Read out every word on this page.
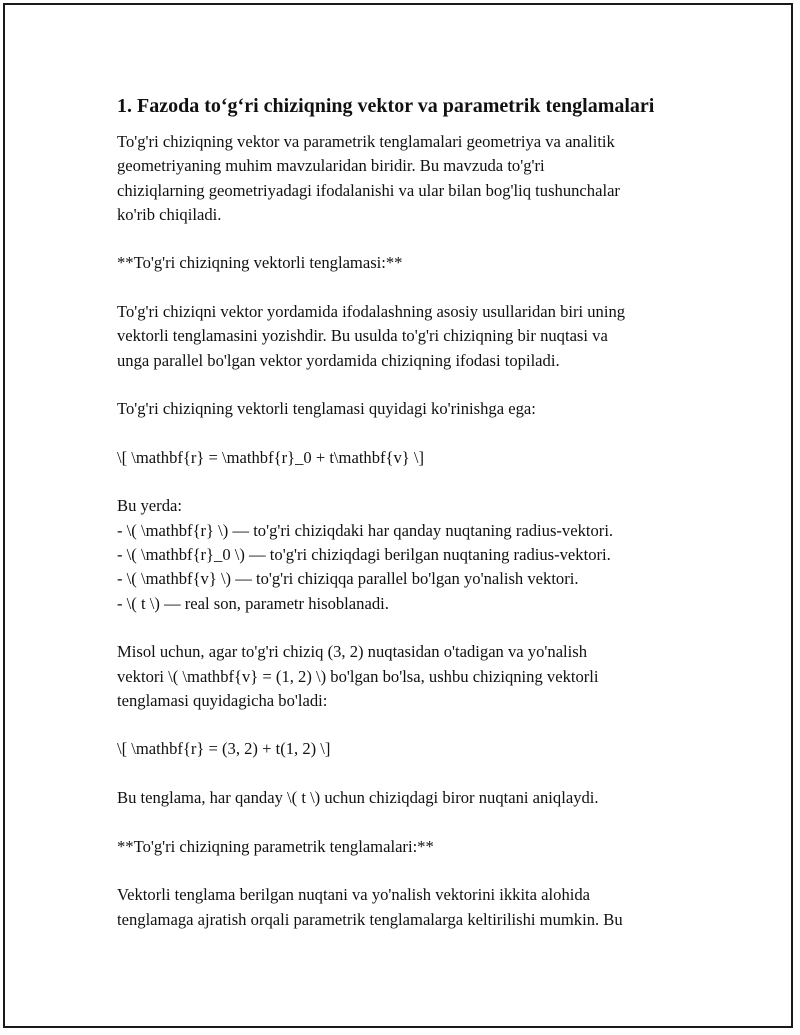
1. Fazoda to‘g‘ri chiziqning vektor va parametrik tenglamalari

To'g'ri chiziqning vektor va parametrik tenglamalari geometriya va analitik
geometriyaning muhim mavzularidan biridir. Bu mavzuda to'g'ri
chiziqlarning geometriyadagi ifodalanishi va ular bilan bog'liq tushunchalar
ko'rib chiqiladi.

**To'g'ri chiziqning vektorli tenglamasi:**

To'g'ri chiziqni vektor yordamida ifodalashning asosiy usullaridan biri uning
vektorli tenglamasini yozishdir. Bu usulda to'g'ri chiziqning bir nuqtasi va
unga parallel bo'lgan vektor yordamida chiziqning ifodasi topiladi.

To'g'ri chiziqning vektorli tenglamasi quyidagi ko'rinishga ega:

\[ \mathbf{r} = \mathbf{r}_0 + t\mathbf{v} \]

Bu yerda:
- \( \mathbf{r} \) — to'g'ri chiziqdaki har qanday nuqtaning radius-vektori.
- \( \mathbf{r}_0 \) — to'g'ri chiziqdagi berilgan nuqtaning radius-vektori.
- \( \mathbf{v} \) — to'g'ri chiziqqa parallel bo'lgan yo'nalish vektori.
- \( t \) — real son, parametr hisoblanadi.

Misol uchun, agar to'g'ri chiziq (3, 2) nuqtasidan o'tadigan va yo'nalish
vektori \( \mathbf{v} = (1, 2) \) bo'lgan bo'lsa, ushbu chiziqning vektorli
tenglamasi quyidagicha bo'ladi:

\[ \mathbf{r} = (3, 2) + t(1, 2) \]

Bu tenglama, har qanday \( t \) uchun chiziqdagi biror nuqtani aniqlaydi.

**To'g'ri chiziqning parametrik tenglamalari:**

Vektorli tenglama berilgan nuqtani va yo'nalish vektorini ikkita alohida
tenglamaga ajratish orqali parametrik tenglamalarga keltirilishi mumkin. Bu
